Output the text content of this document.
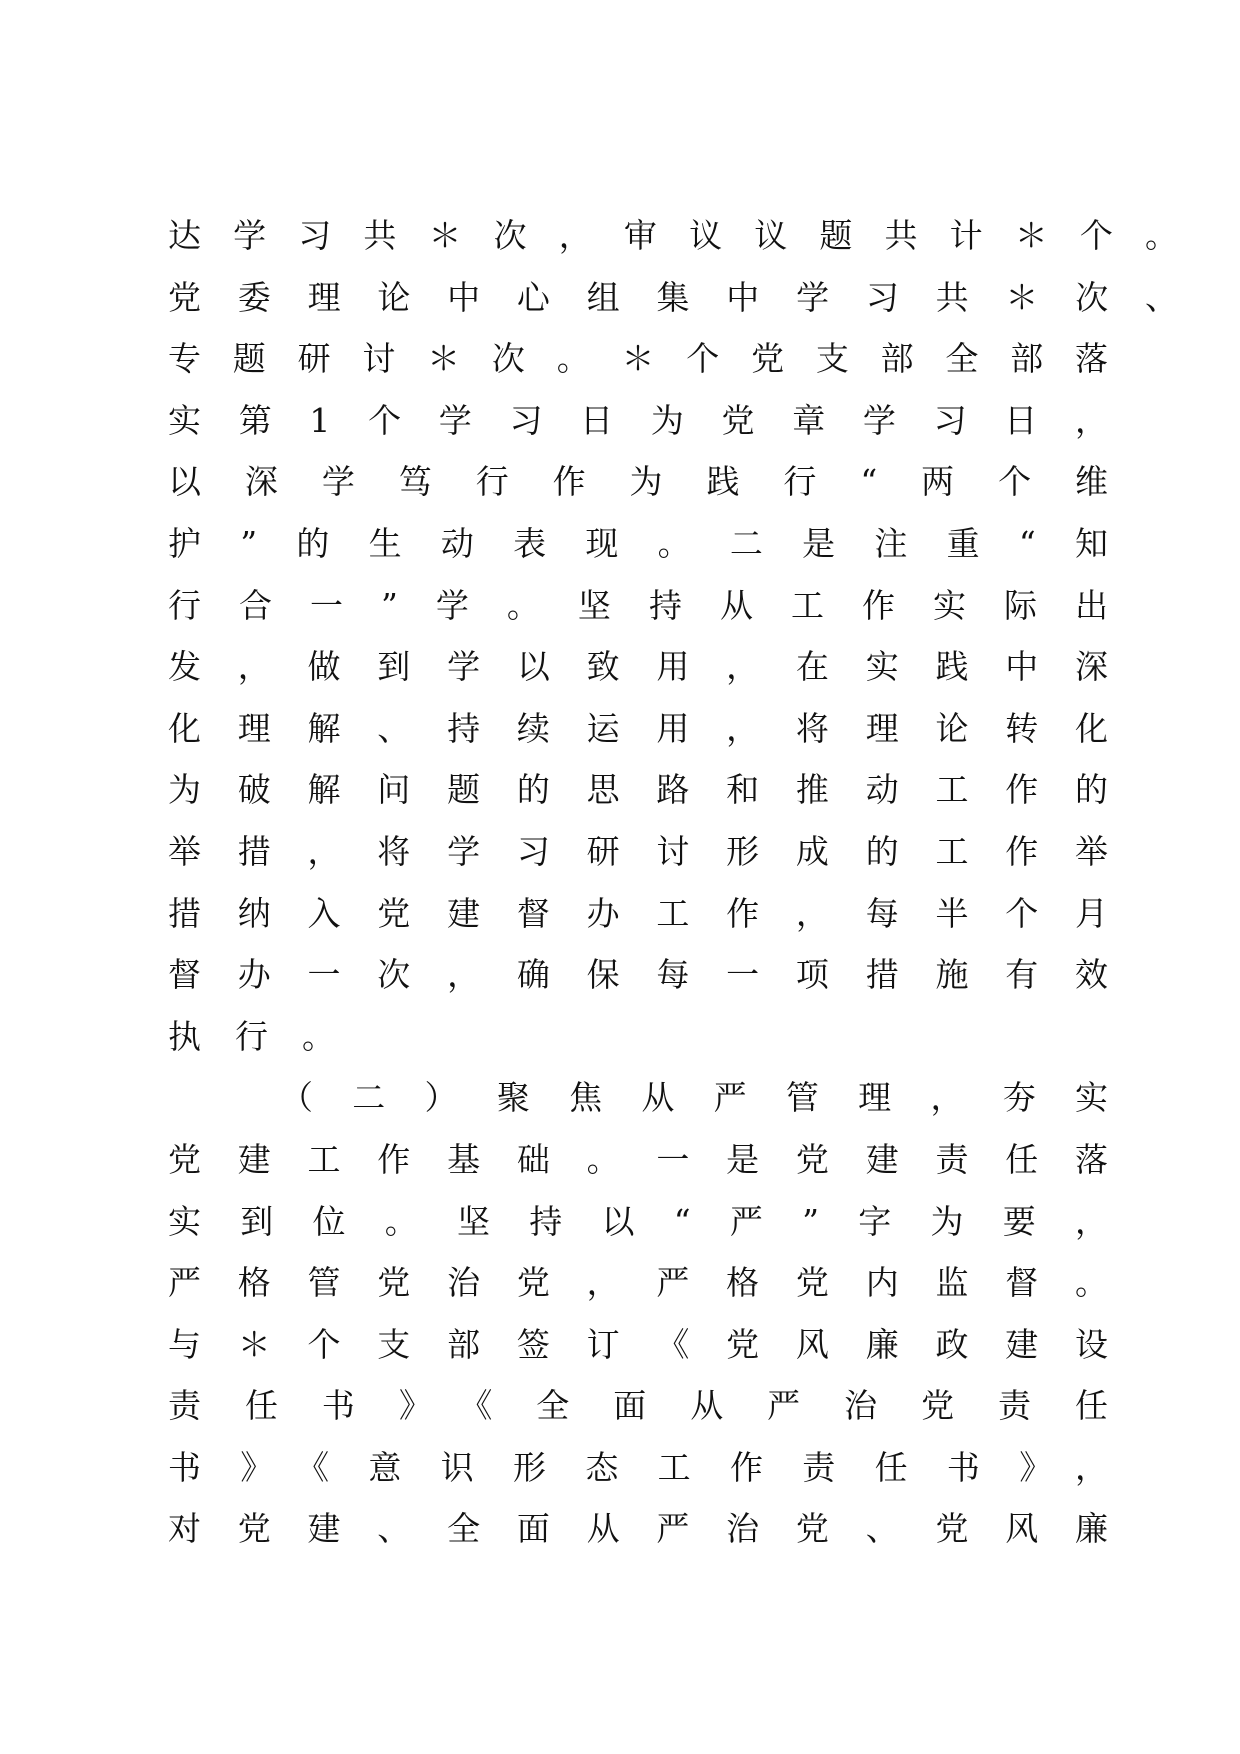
达学习共＊次，审议议题共计＊个。
党委理论中心组集中学习共＊次、
专题研讨＊次。＊个党支部全部落
实第1个学习日为党章学习日，
以深学笃行作为践行“两个维
护”的生动表现。二是注重“知
行合一”学。坚持从工作实际出
发，做到学以致用，在实践中深
化理解、持续运用，将理论转化
为破解问题的思路和推动工作的
举措，将学习研讨形成的工作举
措纳入党建督办工作，每半个月
督办一次，确保每一项措施有效
执行。
（二）聚焦从严管理，夯实
党建工作基础。一是党建责任落
实到位。坚持以“严”字为要，
严格管党治党，严格党内监督。
与＊个支部签订《党风廉政建设
责任书》《全面从严治党责任
书》《意识形态工作责任书》，
对党建、全面从严治党、党风廉
